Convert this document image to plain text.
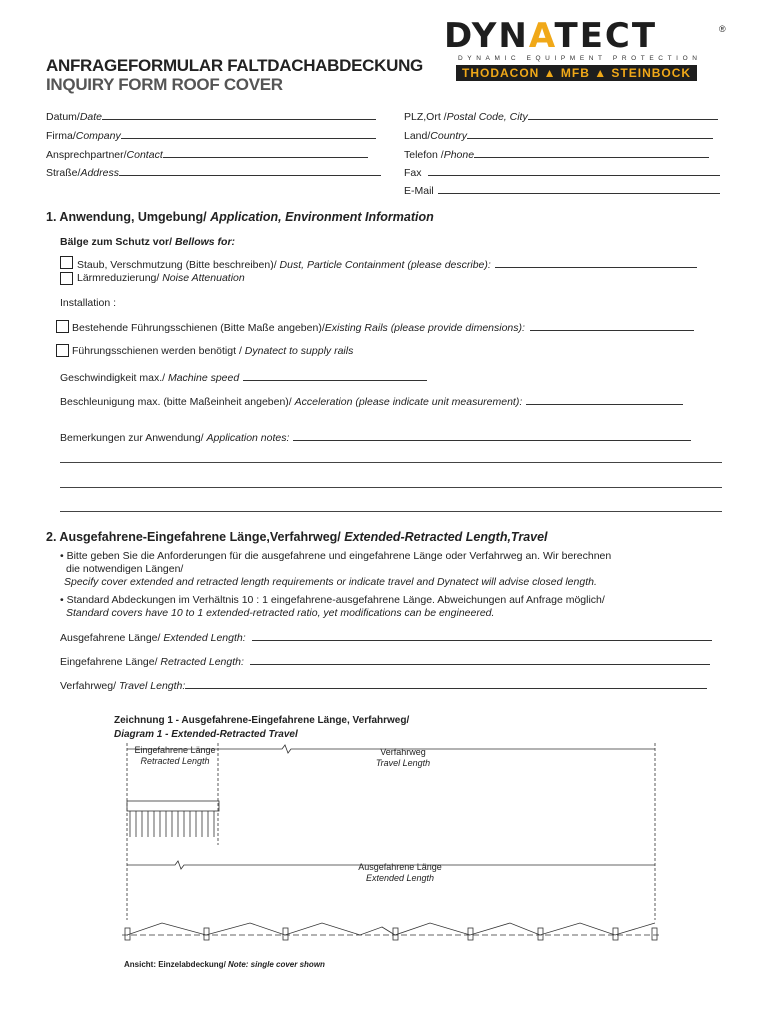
DYNATECT	®
DYNAMIC EQUIPMENT PROTECTION
THODACON ▲ MFB ▲ STEINBOCK
ANFRAGEFORMULAR FALTDACHABDECKUNG
INQUIRY FORM ROOF COVER
Datum/Date
Firma/Company
Ansprechpartner/Contact
Straße/Address
PLZ,Ort /Postal Code, City
Land/Country
Telefon /Phone
Fax
E-Mail
1. Anwendung, Umgebung/ Application, Environment Information
Bälge zum Schutz vor/ Bellows for:
Staub, Verschmutzung (Bitte beschreiben)/ Dust, Particle Containment (please describe):
Lärmreduzierung/ Noise Attenuation
Installation :
Bestehende Führungsschienen (Bitte Maße angeben)/Existing Rails (please provide dimensions):
Führungsschienen werden benötigt / Dynatect to supply rails
Geschwindigkeit max./ Machine speed
Beschleunigung max. (bitte Maßeinheit angeben)/ Acceleration (please indicate unit measurement):
Bemerkungen zur Anwendung/ Application notes:
2. Ausgefahrene-Eingefahrene Länge,Verfahrweg/ Extended-Retracted Length,Travel
• Bitte geben Sie die Anforderungen für die ausgefahrene und eingefahrene Länge oder Verfahrweg an. Wir berechnen
die notwendigen Längen/
Specify cover extended and retracted length requirements or indicate travel and Dynatect will advise closed length.
• Standard Abdeckungen im Verhältnis 10 : 1 eingefahrene-ausgefahrene Länge. Abweichungen auf Anfrage möglich/
Standard covers have 10 to 1 extended-retracted ratio, yet modifications can be engineered.
Ausgefahrene Länge/ Extended Length:
Eingefahrene Länge/ Retracted Length:
Verfahrweg/ Travel Length:
Zeichnung 1 - Ausgefahrene-Eingefahrene Länge, Verfahrweg/
Diagram 1 - Extended-Retracted Travel
Eingefahrene Länge
Retracted Length
Verfahrweg
Travel Length
Ausgefahrene Länge
Extended Length
Ansicht: Einzelabdeckung/ Note: single cover shown
